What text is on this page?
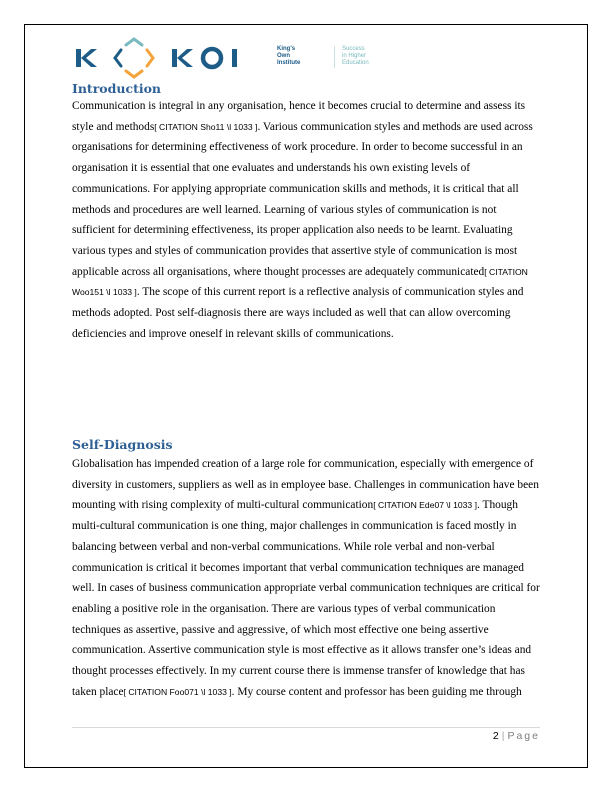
King's
Own
Institute
Success
in Higher
Education
Introduction

Communication is integral in any organisation, hence it becomes crucial to determine and assess its style and methods[ CITATION Sho11 \l 1033 ]. Various communication styles and methods are used across organisations for determining effectiveness of work procedure. In order to become successful in an organisation it is essential that one evaluates and understands his own existing levels of communications. For applying appropriate communication skills and methods, it is critical that all methods and procedures are well learned. Learning of various styles of communication is not sufficient for determining effectiveness, its proper application also needs to be learnt. Evaluating various types and styles of communication provides that assertive style of communication is most applicable across all organisations, where thought processes are adequately communicated[ CITATION Woo151 \l 1033 ]. The scope of this current report is a reflective analysis of communication styles and methods adopted. Post self-diagnosis there are ways included as well that can allow overcoming deficiencies and improve oneself in relevant skills of communications.

Self-Diagnosis

Globalisation has impended creation of a large role for communication, especially with emergence of diversity in customers, suppliers as well as in employee base. Challenges in communication have been mounting with rising complexity of multi-cultural communication[ CITATION Ede07 \l 1033 ]. Though multi-cultural communication is one thing, major challenges in communication is faced mostly in balancing between verbal and non-verbal communications. While role verbal and non-verbal communication is critical it becomes important that verbal communication techniques are managed well. In cases of business communication appropriate verbal communication techniques are critical for enabling a positive role in the organisation. There are various types of verbal communication techniques as assertive, passive and aggressive, of which most effective one being assertive communication. Assertive communication style is most effective as it allows transfer one’s ideas and thought processes effectively. In my current course there is immense transfer of knowledge that has taken place[ CITATION Foo071 \l 1033 ]. My course content and professor has been guiding me through

2 | Page
